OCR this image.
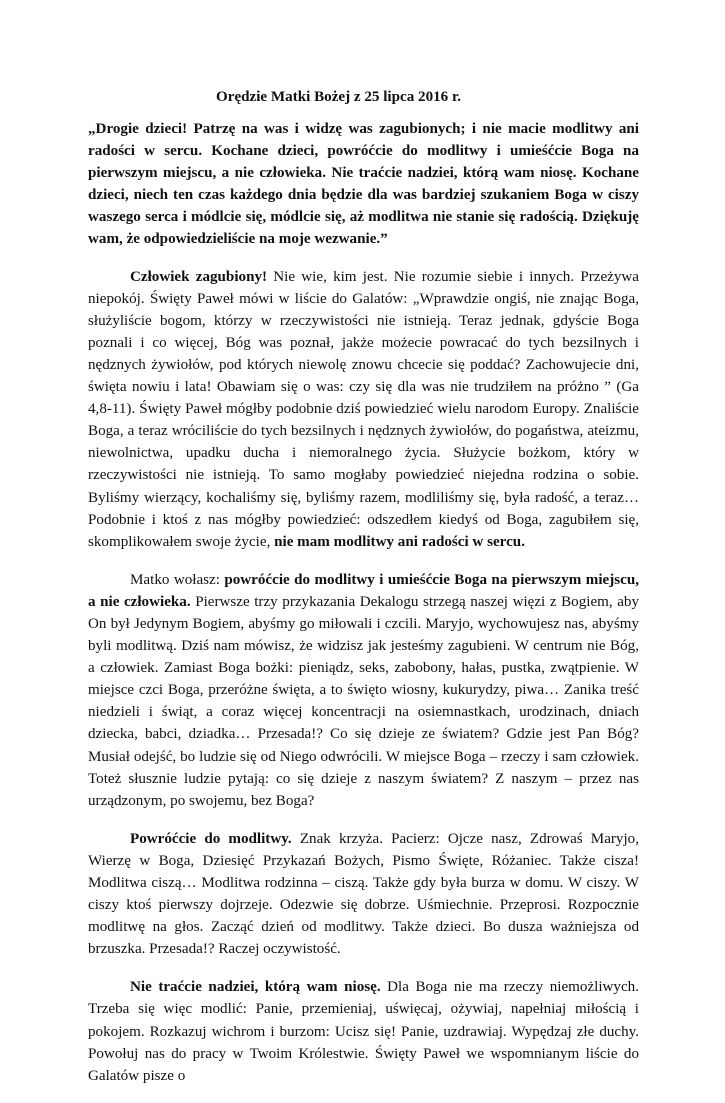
Orędzie Matki Bożej z 25 lipca 2016 r.

„Drogie dzieci! Patrzę na was i widzę was zagubionych; i nie macie modlitwy ani radości w sercu. Kochane dzieci, powróćcie do modlitwy i umieśćcie Boga na pierwszym miejscu, a nie człowieka. Nie traćcie nadziei, którą wam niosę. Kochane dzieci, niech ten czas każdego dnia będzie dla was bardziej szukaniem Boga w ciszy waszego serca i módlcie się, módlcie się, aż modlitwa nie stanie się radością. Dziękuję wam, że odpowiedzieliście na moje wezwanie.”

Człowiek zagubiony! Nie wie, kim jest. Nie rozumie siebie i innych. Przeżywa niepokój. Święty Paweł mówi w liście do Galatów: „Wprawdzie ongiś, nie znając Boga, służyliście bogom, którzy w rzeczywistości nie istnieją. Teraz jednak, gdyście Boga poznali i co więcej, Bóg was poznał, jakże możecie powracać do tych bezsilnych i nędznych żywiołów, pod których niewolę znowu chcecie się poddać? Zachowujecie dni, święta nowiu i lata! Obawiam się o was: czy się dla was nie trudziłem na próżno ” (Ga 4,8-11). Święty Paweł mógłby podobnie dziś powiedzieć wielu narodom Europy. Znaliście Boga, a teraz wróciliście do tych bezsilnych i nędznych żywiołów, do pogaństwa, ateizmu, niewolnictwa, upadku ducha i niemoralnego życia. Służycie bożkom, który w rzeczywistości nie istnieją. To samo mogłaby powiedzieć niejedna rodzina o sobie. Byliśmy wierzący, kochaliśmy się, byliśmy razem, modliliśmy się, była radość, a teraz… Podobnie i ktoś z nas mógłby powiedzieć: odszedłem kiedyś od Boga, zagubiłem się, skomplikowałem swoje życie, nie mam modlitwy ani radości w sercu.

Matko wołasz: powróćcie do modlitwy i umieśćcie Boga na pierwszym miejscu, a nie człowieka. Pierwsze trzy przykazania Dekalogu strzegą naszej więzi z Bogiem, aby On był Jedynym Bogiem, abyśmy go miłowali i czcili. Maryjo, wychowujesz nas, abyśmy byli modlitwą. Dziś nam mówisz, że widzisz jak jesteśmy zagubieni. W centrum nie Bóg, a człowiek. Zamiast Boga bożki: pieniądz, seks, zabobony, hałas, pustka, zwątpienie. W miejsce czci Boga, przeróżne święta, a to święto wiosny, kukurydzy, piwa… Zanika treść niedzieli i świąt, a coraz więcej koncentracji na osiemnastkach, urodzinach, dniach dziecka, babci, dziadka… Przesada!? Co się dzieje ze światem? Gdzie jest Pan Bóg? Musiał odejść, bo ludzie się od Niego odwrócili. W miejsce Boga – rzeczy i sam człowiek. Toteż słusznie ludzie pytają: co się dzieje z naszym światem? Z naszym – przez nas urządzonym, po swojemu, bez Boga?

Powróćcie do modlitwy. Znak krzyża. Pacierz: Ojcze nasz, Zdrowaś Maryjo, Wierzę w Boga, Dziesięć Przykazań Bożych, Pismo Święte, Różaniec. Także cisza! Modlitwa ciszą… Modlitwa rodzinna – ciszą. Także gdy była burza w domu. W ciszy. W ciszy ktoś pierwszy dojrzeje. Odezwie się dobrze. Uśmiechnie. Przeprosi. Rozpocznie modlitwę na głos. Zacząć dzień od modlitwy. Także dzieci. Bo dusza ważniejsza od brzuszka. Przesada!? Raczej oczywistość.

Nie traćcie nadziei, którą wam niosę. Dla Boga nie ma rzeczy niemożliwych. Trzeba się więc modlić: Panie, przemieniaj, uświęcaj, ożywiaj, napełniaj miłością i pokojem. Rozkazuj wichrom i burzom: Ucisz się! Panie, uzdrawiaj. Wypędzaj złe duchy. Powołuj nas do pracy w Twoim Królestwie. Święty Paweł we wspomnianym liście do Galatów pisze o
